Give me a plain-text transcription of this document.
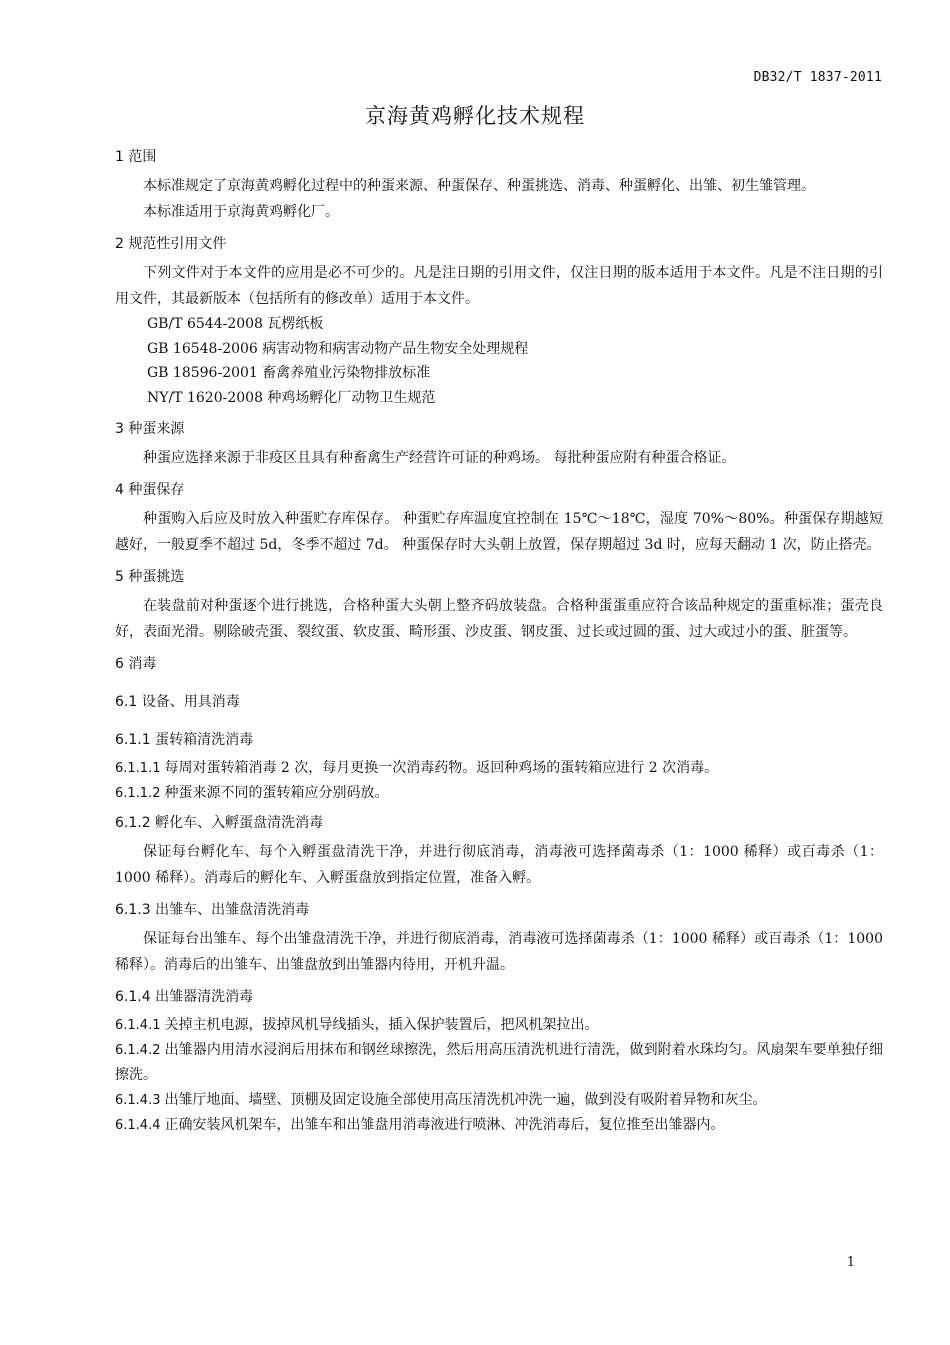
DB32/T 1837-2011
京海黄鸡孵化技术规程
1 范围

本标准规定了京海黄鸡孵化过程中的种蛋来源、种蛋保存、种蛋挑选、消毒、种蛋孵化、出雏、初生雏管理。

本标准适用于京海黄鸡孵化厂。

2 规范性引用文件

下列文件对于本文件的应用是必不可少的。凡是注日期的引用文件，仅注日期的版本适用于本文件。凡是不注日期的引用文件，其最新版本（包括所有的修改单）适用于本文件。

GB/T 6544-2008 瓦楞纸板

GB 16548-2006 病害动物和病害动物产品生物安全处理规程

GB 18596-2001 畜禽养殖业污染物排放标准

NY/T 1620-2008 种鸡场孵化厂动物卫生规范

3 种蛋来源

种蛋应选择来源于非疫区且具有种畜禽生产经营许可证的种鸡场。 每批种蛋应附有种蛋合格证。

4 种蛋保存

种蛋购入后应及时放入种蛋贮存库保存。 种蛋贮存库温度宜控制在 15℃～18℃，湿度 70%～80%。种蛋保存期越短越好，一般夏季不超过 5d，冬季不超过 7d。 种蛋保存时大头朝上放置，保存期超过 3d 时，应每天翻动 1 次，防止搭壳。

5 种蛋挑选

在装盘前对种蛋逐个进行挑选，合格种蛋大头朝上整齐码放装盘。合格种蛋蛋重应符合该品种规定的蛋重标准；蛋壳良好，表面光滑。剔除破壳蛋、裂纹蛋、软皮蛋、畸形蛋、沙皮蛋、钢皮蛋、过长或过圆的蛋、过大或过小的蛋、脏蛋等。

6 消毒
6.1 设备、用具消毒
6.1.1 蛋转箱清洗消毒

6.1.1.1 每周对蛋转箱消毒 2 次，每月更换一次消毒药物。返回种鸡场的蛋转箱应进行 2 次消毒。

6.1.1.2 种蛋来源不同的蛋转箱应分别码放。

6.1.2 孵化车、入孵蛋盘清洗消毒

保证每台孵化车、每个入孵蛋盘清洗干净，并进行彻底消毒，消毒液可选择菌毒杀（1：1000 稀释）或百毒杀（1：1000 稀释）。消毒后的孵化车、入孵蛋盘放到指定位置，准备入孵。

6.1.3 出雏车、出雏盘清洗消毒

保证每台出雏车、每个出雏盘清洗干净，并进行彻底消毒，消毒液可选择菌毒杀（1：1000 稀释）或百毒杀（1：1000 稀释）。消毒后的出雏车、出雏盘放到出雏器内待用，开机升温。

6.1.4 出雏器清洗消毒

6.1.4.1 关掉主机电源，拔掉风机导线插头，插入保护装置后，把风机架拉出。

6.1.4.2 出雏器内用清水浸润后用抹布和钢丝球擦洗，然后用高压清洗机进行清洗，做到附着水珠均匀。风扇架车要单独仔细擦洗。

6.1.4.3 出雏厅地面、墙壁、顶棚及固定设施全部使用高压清洗机冲洗一遍，做到没有吸附着异物和灰尘。

6.1.4.4 正确安装风机架车，出雏车和出雏盘用消毒液进行喷淋、冲洗消毒后，复位推至出雏器内。

1
